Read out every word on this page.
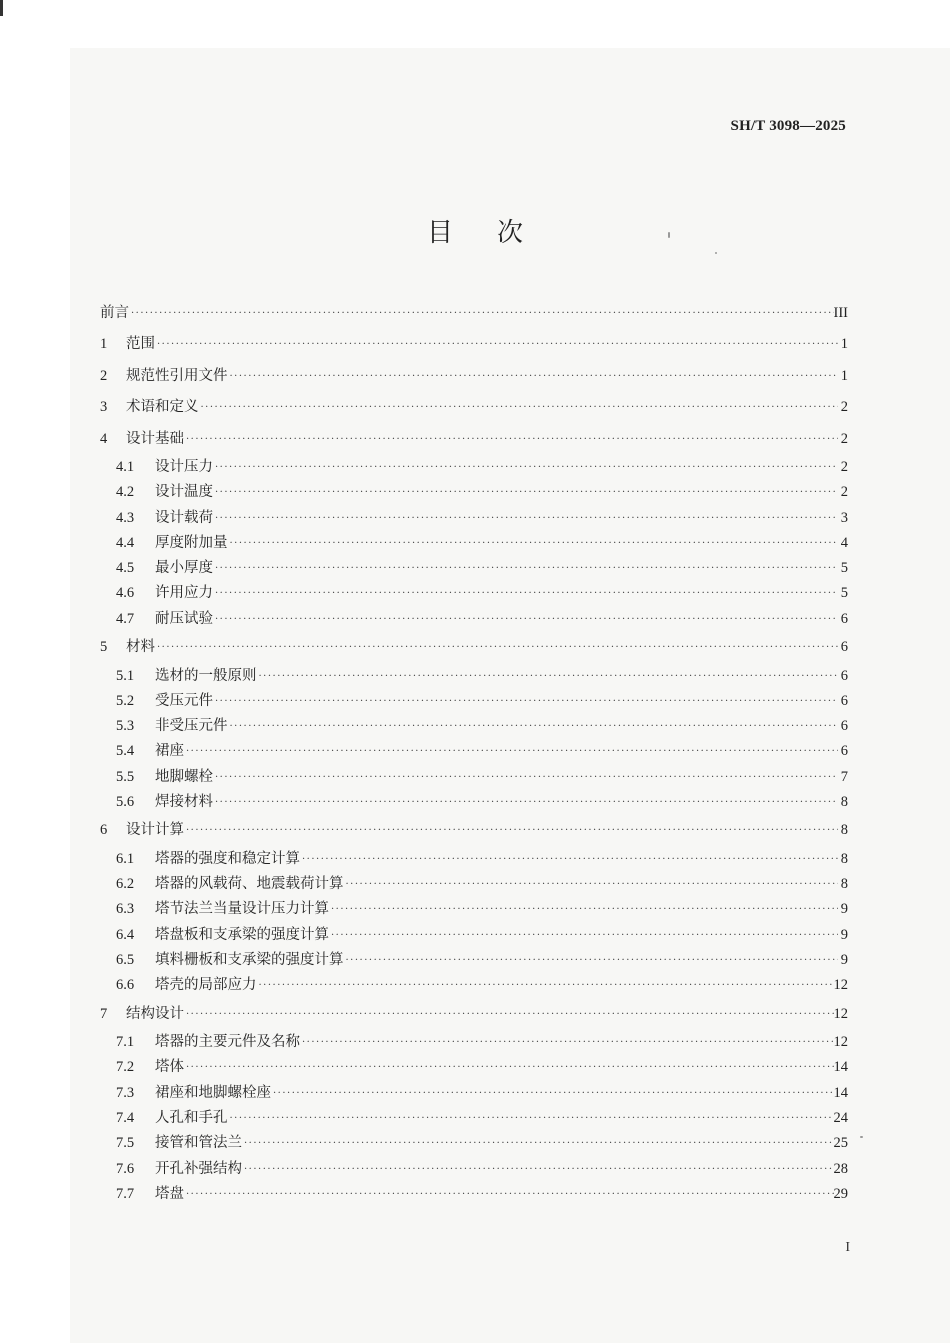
SH/T 3098—2025
目 次
前言 ·····	III
1	范围 ·····	1
2	规范性引用文件 ·····	1
3	术语和定义 ·····	2
4	设计基础 ·····	2
4.1	设计压力 ·····	2
4.2	设计温度 ·····	2
4.3	设计载荷 ·····	3
4.4	厚度附加量 ·····	4
4.5	最小厚度 ·····	5
4.6	许用应力 ·····	5
4.7	耐压试验 ·····	6
5	材料 ·····	6
5.1	选材的一般原则 ·····	6
5.2	受压元件 ·····	6
5.3	非受压元件 ·····	6
5.4	裙座 ·····	6
5.5	地脚螺栓 ·····	7
5.6	焊接材料 ·····	8
6	设计计算 ·····	8
6.1	塔器的强度和稳定计算 ·····	8
6.2	塔器的风载荷、地震载荷计算 ·····	8
6.3	塔节法兰当量设计压力计算 ·····	9
6.4	塔盘板和支承梁的强度计算 ·····	9
6.5	填料栅板和支承梁的强度计算 ·····	9
6.6	塔壳的局部应力 ·····	12
7	结构设计 ·····	12
7.1	塔器的主要元件及名称 ·····	12
7.2	塔体 ·····	14
7.3	裙座和地脚螺栓座 ·····	14
7.4	人孔和手孔 ·····	24
7.5	接管和管法兰 ·····	25
7.6	开孔补强结构 ·····	28
7.7	塔盘 ·····	29
I
